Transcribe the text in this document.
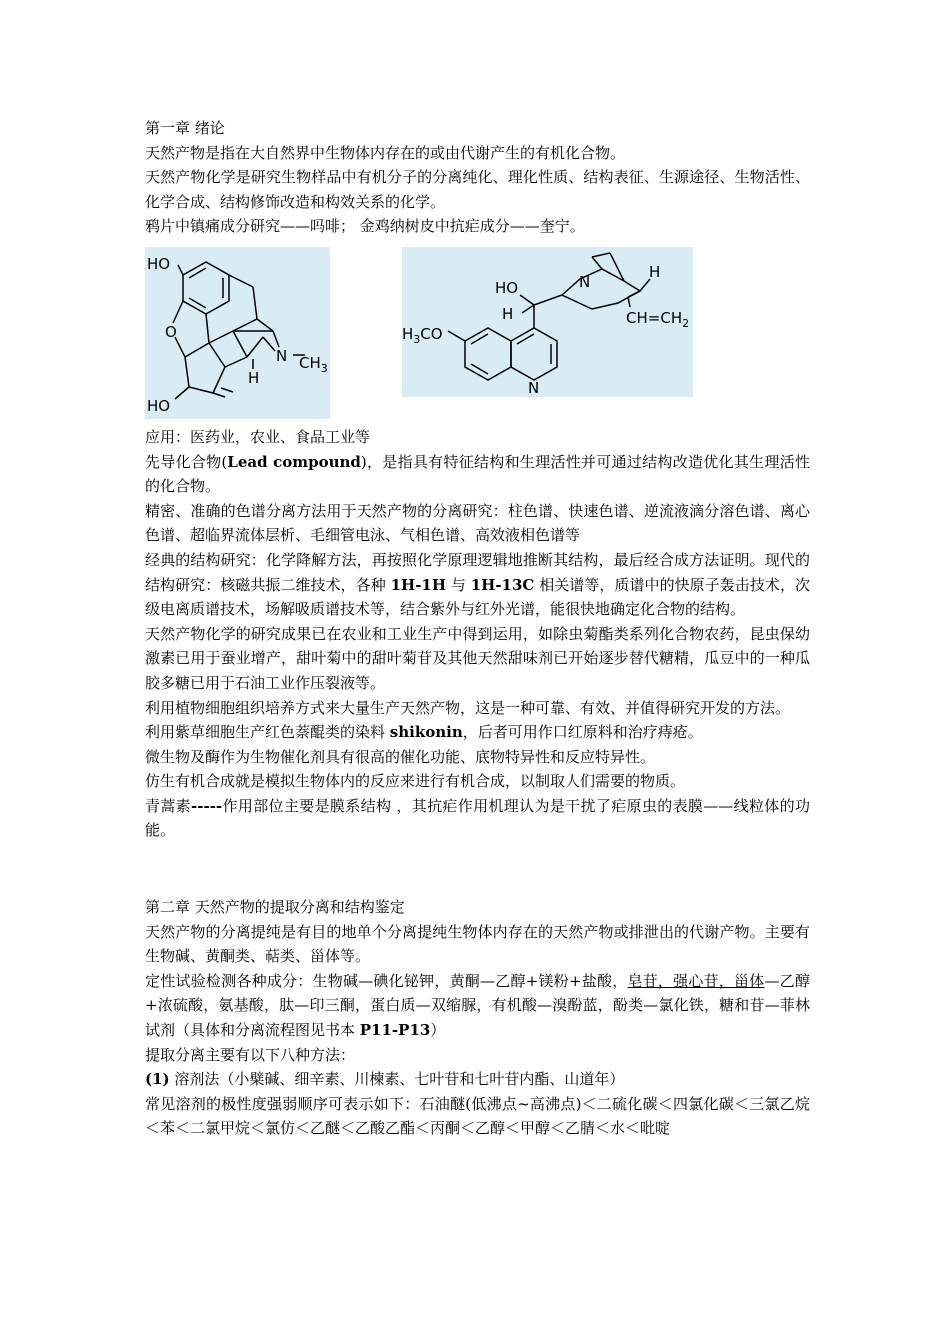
第一章 绪论

天然产物是指在大自然界中生物体内存在的或由代谢产生的有机化合物。

天然产物化学是研究生物样品中有机分子的分离纯化、理化性质、结构表征、生源途径、生物活性、化学合成、结构修饰改造和构效关系的化学。

鸦片中镇痛成分研究——吗啡； 金鸡纳树皮中抗疟成分——奎宁。

HO
O
HO
H
N $CH_3$
HO
H
N
H
$CH=CH_2$
$H_3CO$
N

应用：医药业，农业、食品工业等

先导化合物(Lead compound)，是指具有特征结构和生理活性并可通过结构改造优化其生理活性的化合物。

精密、准确的色谱分离方法用于天然产物的分离研究：柱色谱、快速色谱、逆流液滴分溶色谱、离心色谱、超临界流体层析、毛细管电泳、气相色谱、高效液相色谱等

经典的结构研究：化学降解方法，再按照化学原理逻辑地推断其结构，最后经合成方法证明。现代的结构研究：核磁共振二维技术，各种 1H-1H 与 1H-13C 相关谱等，质谱中的快原子轰击技术，次级电离质谱技术，场解吸质谱技术等，结合紫外与红外光谱，能很快地确定化合物的结构。

天然产物化学的研究成果已在农业和工业生产中得到运用，如除虫菊酯类系列化合物农药，昆虫保幼激素已用于蚕业增产，甜叶菊中的甜叶菊苷及其他天然甜味剂已开始逐步替代糖精，瓜豆中的一种瓜胶多糖已用于石油工业作压裂液等。

利用植物细胞组织培养方式来大量生产天然产物，这是一种可靠、有效、并值得研究开发的方法。

利用紫草细胞生产红色萘醌类的染料 shikonin，后者可用作口红原料和治疗痔疮。

微生物及酶作为生物催化剂具有很高的催化功能、底物特异性和反应特异性。

仿生有机合成就是模拟生物体内的反应来进行有机合成，以制取人们需要的物质。

青蒿素-----作用部位主要是膜系结构 ，其抗疟作用机理认为是干扰了疟原虫的表膜——线粒体的功能。

第二章 天然产物的提取分离和结构鉴定

天然产物的分离提纯是有目的地单个分离提纯生物体内存在的天然产物或排泄出的代谢产物。主要有生物碱、黄酮类、萜类、甾体等。

定性试验检测各种成分：生物碱—碘化铋钾，黄酮—乙醇+镁粉+盐酸，皂苷，强心苷，甾体—乙醇+浓硫酸，氨基酸，肽—印三酮，蛋白质—双缩脲，有机酸—溴酚蓝，酚类—氯化铁，糖和苷—菲林试剂（具体和分离流程图见书本 P11-P13）

提取分离主要有以下八种方法：

(1) 溶剂法（小檗碱、细辛素、川楝素、七叶苷和七叶苷内酯、山道年）

常见溶剂的极性度强弱顺序可表示如下：石油醚(低沸点~高沸点)＜二硫化碳＜四氯化碳＜三氯乙烷＜苯＜二氯甲烷＜氯仿＜乙醚＜乙酸乙酯＜丙酮＜乙醇＜甲醇＜乙腈＜水＜吡啶
